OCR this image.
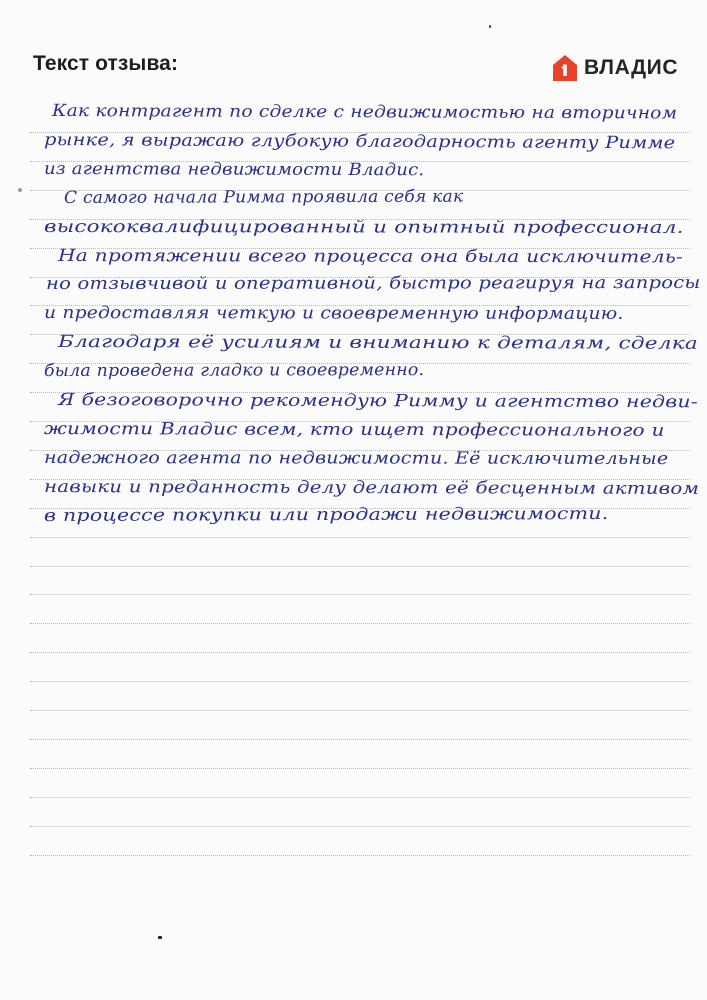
Текст отзыва:	ВЛАДИС
Как контрагент по сделке с недвижимостью на вторичном
рынке, я выражаю глубокую благодарность агенту Римме
из агентства недвижимости Владис.
С самого начала Римма проявила себя как
высококвалифицированный и опытный профессионал.
На протяжении всего процесса она была исключитель-
но отзывчивой и оперативной, быстро реагируя на запросы
и предоставляя четкую и своевременную информацию.
Благодаря её усилиям и вниманию к деталям, сделка
была проведена гладко и своевременно.
Я безоговорочно рекомендую Римму и агентство недви-
жимости Владис всем, кто ищет профессионального и
надежного агента по недвижимости. Её исключительные
навыки и преданность делу делают её бесценным активом
в процессе покупки или продажи недвижимости.
